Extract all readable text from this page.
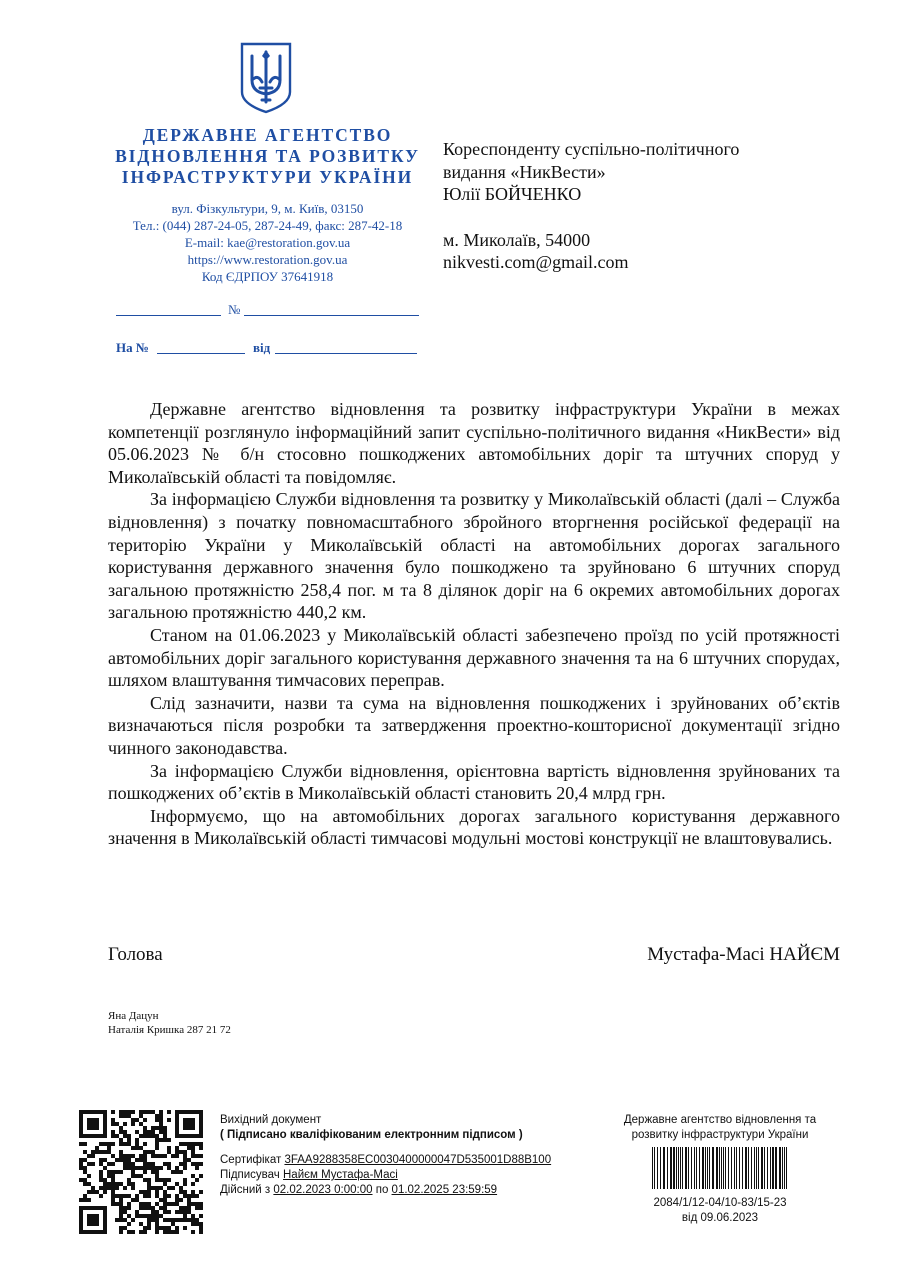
ДЕРЖАВНЕ АГЕНТСТВО
ВІДНОВЛЕННЯ ТА РОЗВИТКУ
ІНФРАСТРУКТУРИ УКРАЇНИ
вул. Фізкультури, 9, м. Київ, 03150
Тел.: (044) 287-24-05, 287-24-49, факс: 287-42-18
E-mail: kae@restoration.gov.ua
https://www.restoration.gov.ua
Код ЄДРПОУ 37641918
№
На №	від
Кореспонденту суспільно-політичного
видання «НикВести»
Юлії БОЙЧЕНКО
м. Миколаїв, 54000
nikvesti.com@gmail.com

Державне агентство відновлення та розвитку інфраструктури України в межах компетенції розглянуло інформаційний запит суспільно-політичного видання «НикВести» від 05.06.2023 № б/н стосовно пошкоджених автомобільних доріг та штучних споруд у Миколаївській області та повідомляє.

За інформацією Служби відновлення та розвитку у Миколаївській області (далі – Служба відновлення) з початку повномасштабного збройного вторгнення російської федерації на територію України у Миколаївській області на автомобільних дорогах загального користування державного значення було пошкоджено та зруйновано 6 штучних споруд загальною протяжністю 258,4 пог. м та 8 ділянок доріг на 6 окремих автомобільних дорогах загальною протяжністю 440,2 км.

Станом на 01.06.2023 у Миколаївській області забезпечено проїзд по усій протяжності автомобільних доріг загального користування державного значення та на 6 штучних спорудах, шляхом влаштування тимчасових переправ.

Слід зазначити, назви та сума на відновлення пошкоджених і зруйнованих об’єктів визначаються після розробки та затвердження проектно-кошторисної документації згідно чинного законодавства.

За інформацією Служби відновлення, орієнтовна вартість відновлення зруйнованих та пошкоджених об’єктів в Миколаївській області становить 20,4 млрд грн.

Інформуємо, що на автомобільних дорогах загального користування державного значення в Миколаївській області тимчасові модульні мостові конструкції не влаштовувались.

Голова	Мустафа-Масі НАЙЄМ
Яна Дацун
Наталія Кришка 287 21 72
Вихідний документ
( Підписано кваліфікованим електронним підписом )
Сертифікат 3FAA9288358EC0030400000047D535001D88B100
Підписувач Найєм Мустафа-Масі
Дійсний з 02.02.2023 0:00:00 по 01.02.2025 23:59:59
Державне агентство відновлення та
розвитку інфраструктури України
2084/1/12-04/10-83/15-23
від 09.06.2023
